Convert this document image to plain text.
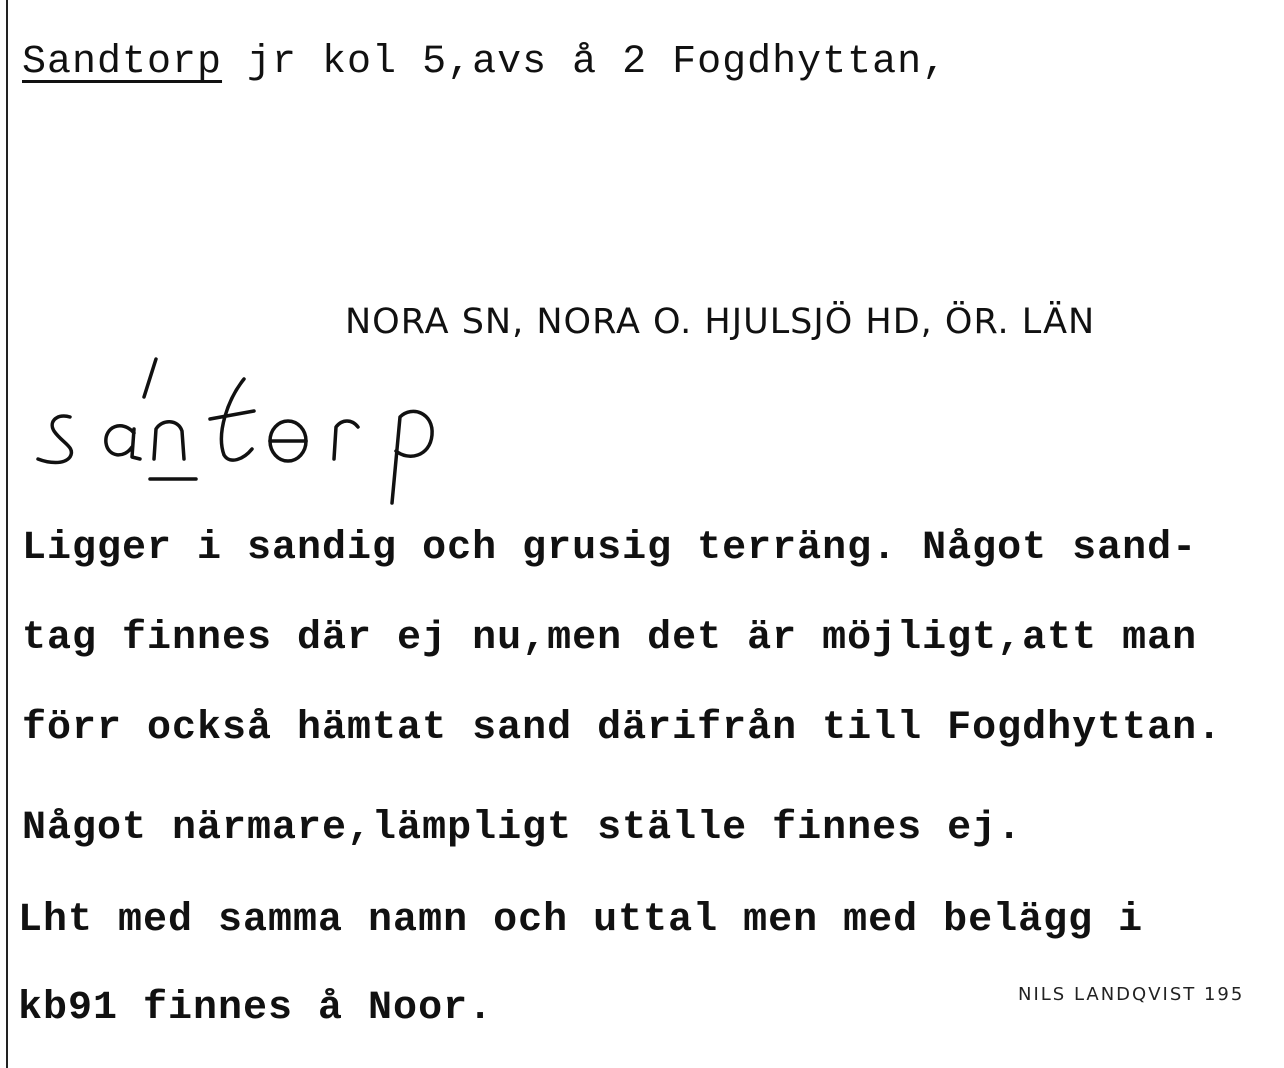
Sandtorp jr kol 5,avs å 2 Fogdhyttan,
NORA SN, NORA O. HJULSJÖ HD, ÖR. LÄN
Ligger i sandig och grusig terräng. Något sand-
tag finnes där ej nu,men det är möjligt,att man
förr också hämtat sand därifrån till Fogdhyttan.
Något närmare,lämpligt ställe finnes ej.
Lht med samma namn och uttal men med belägg i
kb91 finnes å Noor.	NILS LANDQVIST 195
